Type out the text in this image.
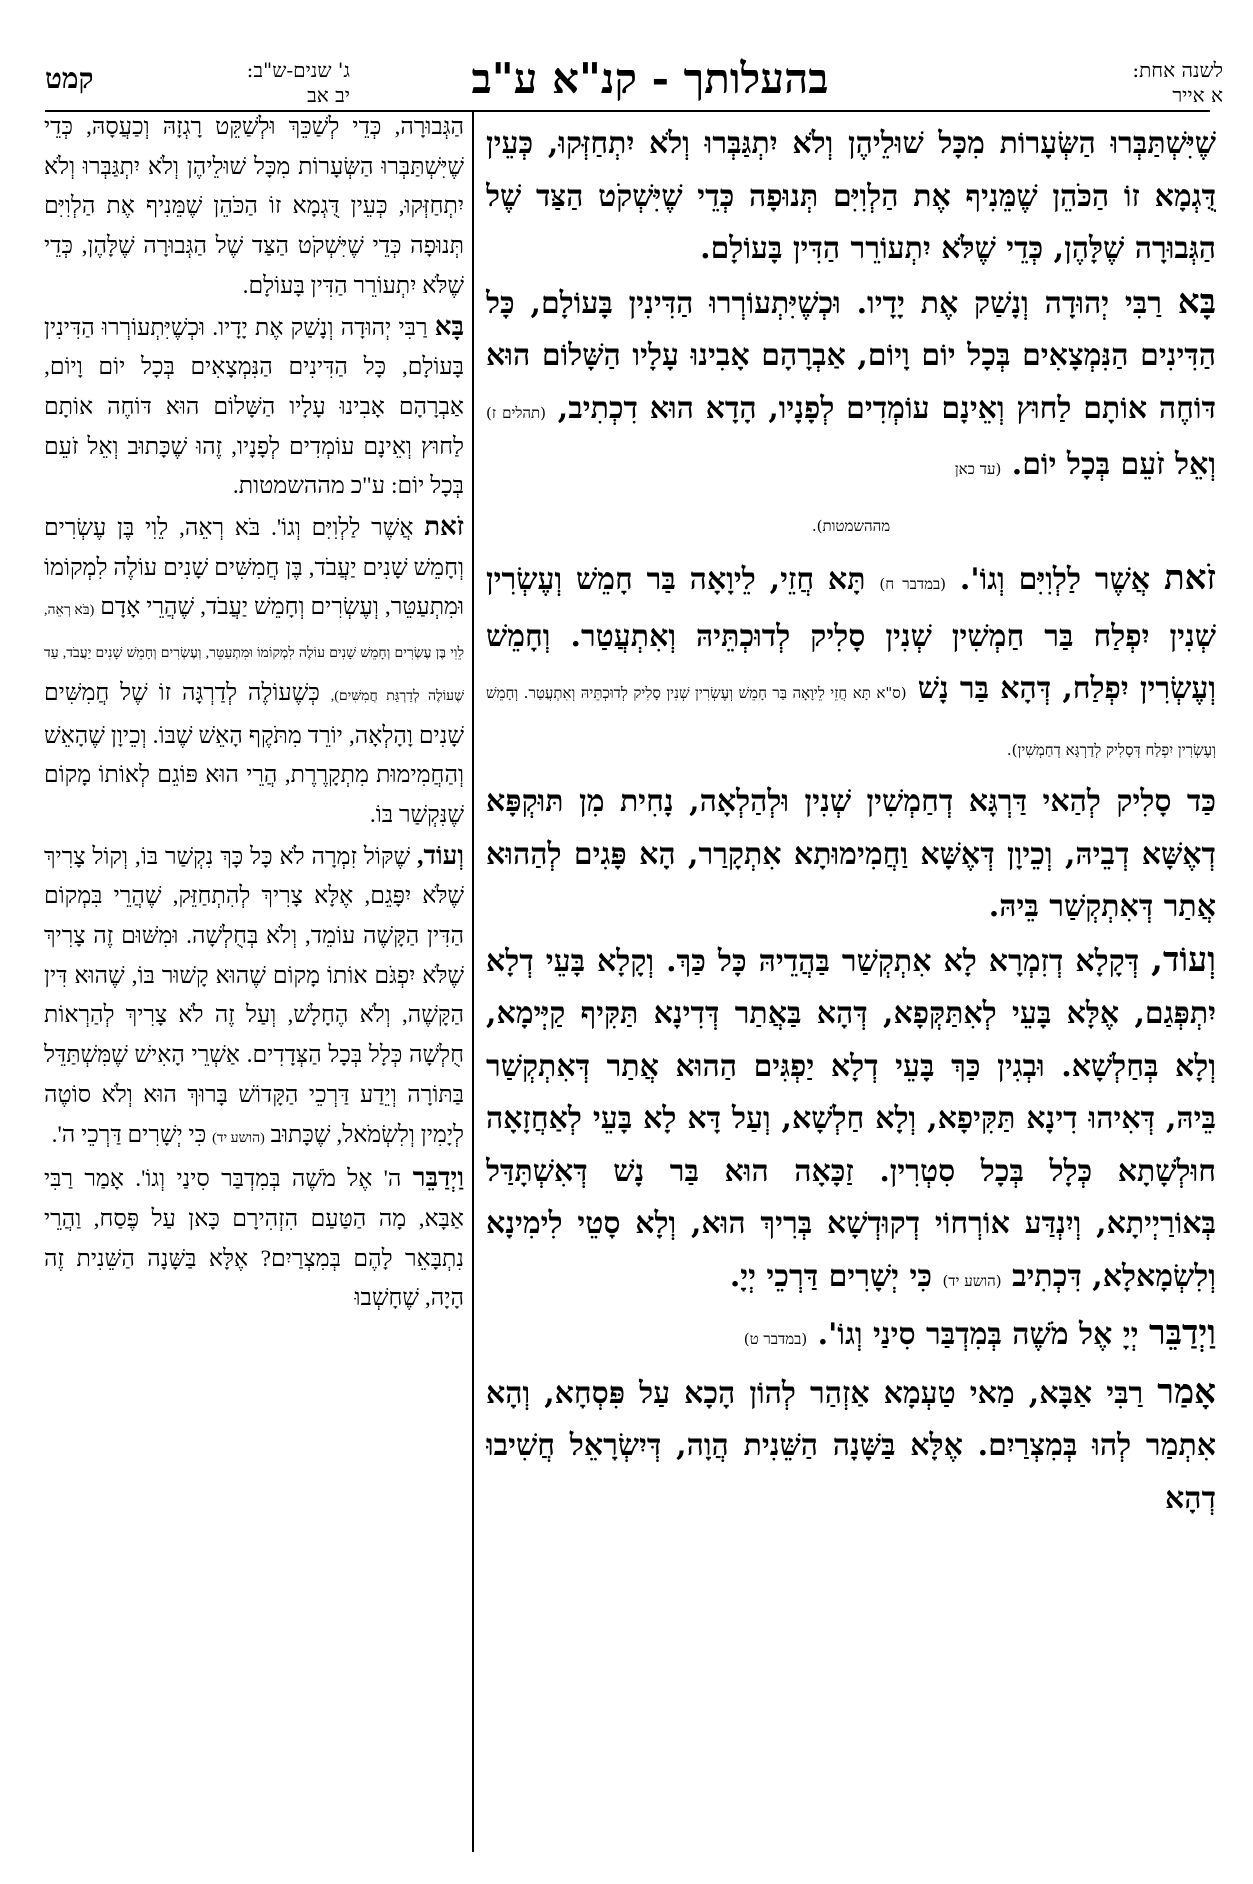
לשנה אחת:
א אייר
בהעלותך - קנ"א ע"ב
ג' שנים-ש"ב:
יב אב
קמט

שֶׁיִּשְׁתַּבְּרוּ הַשְּׂעָרוֹת מִכָּל שׁוּלֵיהֶן וְלֹא יִתְגַּבְּרוּ וְלֹא יִתְחַזְּקוּ, כְּעֵין דֻּגְמָא זוֹ הַכֹּהֵן שֶׁמֵּנִיף אֶת הַלְוִיִּם תְּנוּפָה כְּדֵי שֶׁיִּשְׁקֹט הַצַּד שֶׁל הַגְּבוּרָה שֶׁלָּהֶן, כְּדֵי שֶׁלֹּא יִתְעוֹרֵר הַדִּין בָּעוֹלָם.

בָּא רַבִּי יְהוּדָה וְנָשַׁק אֶת יָדָיו. וּכְשֶׁיִּתְעוֹרְרוּ הַדִּינִין בָּעוֹלָם, כָּל הַדִּינִים הַנִּמְצָאִים בְּכָל יוֹם וָיוֹם, אַבְרָהָם אָבִינוּ עָלָיו הַשָּׁלוֹם הוּא דּוֹחֶה אוֹתָם לַחוּץ וְאֵינָם עוֹמְדִים לְפָנָיו, הָדָא הוּא דִכְתִיב, (תהלים ז) וְאֵל זֹעֵם בְּכָל יוֹם. (עד כאן

מההשמטות).

זֹאת אֲשֶׁר לַלְוִיִּם וְגוֹ'. (במדבר ח) תָּא חֲזֵי, לֵיוָאָה בַּר חָמֵשׁ וְעֶשְׂרִין שְׁנִין יִפְלַח בַּר חַמְשִׁין שְׁנִין סָלִיק לְדוּכְתֵּיהּ וְאִתְעֲטַר. וְחָמֵשׁ וְעֶשְׂרִין יִפְלַח, דְּהָא בַּר נָשׁ (ס"א תָּא חֲזֵי לֵיוָאָה בַּר חָמֵשׁ וְעֶשְׂרִין שְׁנִין סָלִיק לְדוּכְתֵּיהּ וְאִתְעֲטַר. וְחָמֵשׁ וְעֶשְׂרִין יִפְלַח דְּסָלִיק לְדַרְגָּא דְחַמְשִׁין).

כַּד סָלִיק לְהַאי דַּרְגָּא דְחַמְשִׁין שְׁנִין וּלְהַלְאָה, נָחִית מִן תּוּקְפָּא דְאֶשָּׁא דְבֵיהּ, וְכֵיוָן דְּאֶשָּׁא וַחֲמִימוּתָא אִתְקָרַר, הָא פָּגִים לְהַהוּא אֲתַר דְּאִתְקְשַׁר בֵּיהּ.

וְעוֹד, דְּקָלָא דְזִמְרָא לָא אִתְקְשַׁר בַּהֲדֵיהּ כָּל כַּךְ. וְקָלָא בָּעֵי דְלָא יִתְפְּגַם, אֶלָּא בָּעֵי לְאִתַּקְּפָא, דְּהָא בַּאֲתַר דְּדִינָא תַּקִּיף קַיְּימָא, וְלָא בְּחַלְשָׁא. וּבְגִין כַּךְ בָּעֵי דְלָא יַפְגִּים הַהוּא אֲתַר דְּאִתְקְשַׁר בֵּיהּ, דְּאִיהוּ דִינָא תַּקִּיפָא, וְלָא חַלְשָׁא, וְעַל דָּא לָא בָּעֵי לְאַחֲזָאָה חוּלְשָׁתָא כְּלָל בְּכָל סִטְרִין. זַכָּאָה הוּא בַּר נָשׁ דְּאִשְׁתָּדַּל בְּאוֹרַיְיתָא, וְיִנְדַּע אוֹרְחוֹי דְקוּדְשָׁא בְּרִיךְ הוּא, וְלָא סָטֵי לִימִינָא וְלִשְׂמָאלָא, דִּכְתִיב (הושע יד) כִּי יְשָׁרִים דַּרְכֵי יְיָ.

וַיְדַבֵּר יְיָ אֶל מֹשֶׁה בְּמִדְבַּר סִינַי וְגוֹ'. (במדבר ט)

אָמַר רַבִּי אַבָּא, מַאי טַעְמָא אַזְהַר לְהוֹן הָכָא עַל פִּסְחָא, וְהָא אִתְמַר לְהוּ בְּמִצְרַיִם. אֶלָּא בַּשָּׁנָה הַשֵּׁנִית הֲוָה, דְּיִשְׂרָאֵל חֲשִׁיבוּ דְהָא

הַגְּבוּרָה, כְּדֵי לְשַׁכֵּךְ וּלְשַׁקֵּט רָגְזָהּ וְכַעֲסָהּ, כְּדֵי שֶׁיִּשְׁתַּבְּרוּ הַשְּׂעָרוֹת מִכָּל שׁוּלֵיהֶן וְלֹא יִתְגַּבְּרוּ וְלֹא יִתְחַזְּקוּ, כְּעֵין דֻּגְמָא זוֹ הַכֹּהֵן שֶׁמֵּנִיף אֶת הַלְוִיִּם תְּנוּפָה כְּדֵי שֶׁיִּשְׁקֹט הַצַּד שֶׁל הַגְּבוּרָה שֶׁלָּהֶן, כְּדֵי שֶׁלֹּא יִתְעוֹרֵר הַדִּין בָּעוֹלָם.

בָּא רַבִּי יְהוּדָה וְנָשַׁק אֶת יָדָיו. וּכְשֶׁיִּתְעוֹרְרוּ הַדִּינִין בָּעוֹלָם, כָּל הַדִּינִים הַנִּמְצָאִים בְּכָל יוֹם וָיוֹם, אַבְרָהָם אָבִינוּ עָלָיו הַשָּׁלוֹם הוּא דּוֹחֶה אוֹתָם לַחוּץ וְאֵינָם עוֹמְדִים לְפָנָיו, זֶהוּ שֶׁכָּתוּב וְאֵל זֹעֵם בְּכָל יוֹם: ע"כ מההשמטות.

זֹאת אֲשֶׁר לַלְוִיִּם וְגוֹ'. בֹּא רְאֵה, לֵוִי בֶּן עֶשְׂרִים וְחָמֵשׁ שָׁנִים יַעֲבֹד, בֶּן חֲמִשִּׁים שָׁנִים עוֹלֶה לִמְקוֹמוֹ וּמִתְעַטֵּר, וְעֶשְׂרִים וְחָמֵשׁ יַעֲבֹד, שֶׁהֲרֵי אָדָם (בֹּא רְאֵה, לֵוִי בֶּן עֶשְׂרִים וְחָמֵשׁ שָׁנִים עוֹלֶה לִמְקוֹמוֹ וּמִתְעַטֵּר, וְעֶשְׂרִים וְחָמֵשׁ שָׁנִים יַעֲבֹד, עַד שֶׁעוֹלֶה לְדַרְגַּת חֲמִשִּׁים), כְּשֶׁעוֹלֶה לְדַרְגָּה זוֹ שֶׁל חֲמִשִּׁים שָׁנִים וָהָלְאָה, יוֹרֵד מִתֹּקֶף הָאֵשׁ שֶׁבּוֹ. וְכֵיוָן שֶׁהָאֵשׁ וְהַחֲמִימוּת מִתְקָרֶרֶת, הֲרֵי הוּא פּוֹגֵם לְאוֹתוֹ מָקוֹם שֶׁנִּקְשַׁר בּוֹ.

וְעוֹד, שֶׁקּוֹל זִמְרָה לֹא כָּל כָּךְ נִקְשַׁר בּוֹ, וְקוֹל צָרִיךְ שֶׁלֹּא יִפָּגֵם, אֶלָּא צָרִיךְ לְהִתְחַזֵּק, שֶׁהֲרֵי בִּמְקוֹם הַדִּין הַקָּשֶׁה עוֹמֵד, וְלֹא בְּחֻלְשָׁה. וּמִשּׁוּם זֶה צָרִיךְ שֶׁלֹּא יִפְגֹּם אוֹתוֹ מָקוֹם שֶׁהוּא קָשׁוּר בּוֹ, שֶׁהוּא דִּין הַקָּשֶׁה, וְלֹא הֶחָלָשׁ, וְעַל זֶה לֹא צָרִיךְ לְהַרְאוֹת חֻלְשָׁה כְּלָל בְּכָל הַצְּדָדִים. אַשְׁרֵי הָאִישׁ שֶׁמִּשְׁתַּדֵּל בַּתּוֹרָה וְיֵדַע דַּרְכֵי הַקָּדוֹשׁ בָּרוּךְ הוּא וְלֹא סוֹטֶה לְיָמִין וְלִשְׂמֹאל, שֶׁכָּתוּב (הושע יד) כִּי יְשָׁרִים דַּרְכֵי ה'.

וַיְדַבֵּר ה' אֶל מֹשֶׁה בְּמִדְבַּר סִינַי וְגוֹ'. אָמַר רַבִּי אַבָּא, מָה הַטַּעַם הִזְהִירָם כָּאן עַל פֶּסַח, וַהֲרֵי נִתְבָּאֵר לָהֶם בְּמִצְרַיִם? אֶלָּא בַּשָּׁנָה הַשֵּׁנִית זֶה הָיָה, שֶׁחָשְׁבוּ
